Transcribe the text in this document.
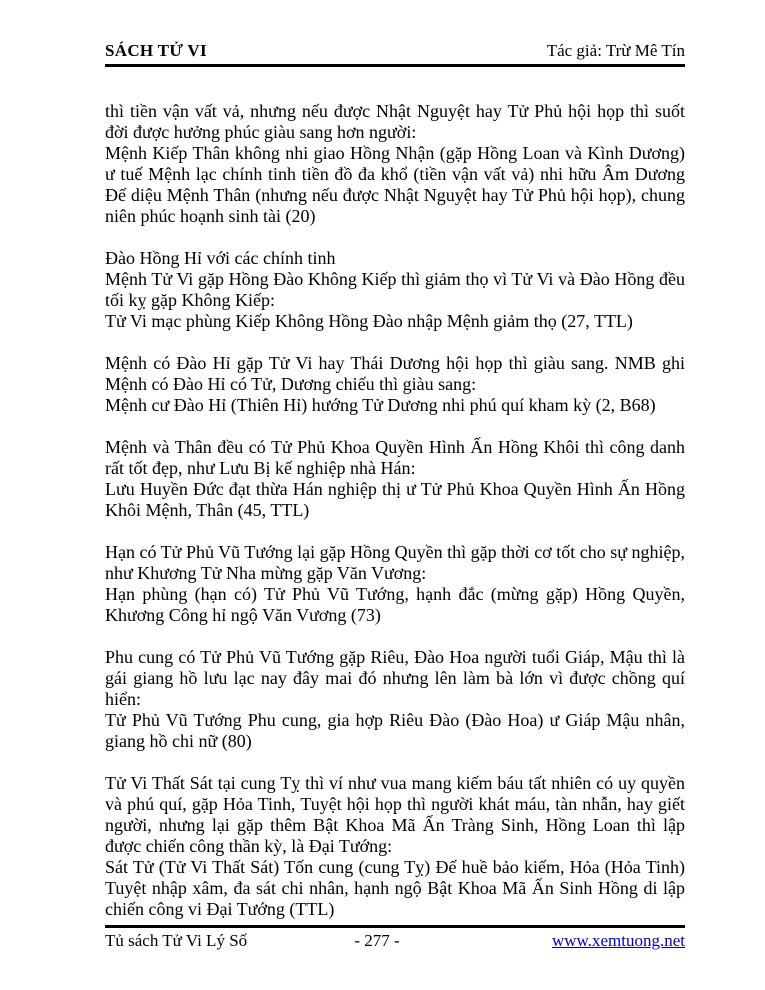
SÁCH TỬ VI	Tác giả: Trừ Mê Tín

thì tiền vận vất vả, nhưng nếu được Nhật Nguyệt hay Tử Phủ hội họp thì suốt đời được hưởng phúc giàu sang hơn người:

Mệnh Kiếp Thân không nhi giao Hồng Nhận (gặp Hồng Loan và Kình Dương) ư tuế Mệnh lạc chính tinh tiền đồ đa khổ (tiền vận vất vả) nhi hữu Âm Dương Đế diệu Mệnh Thân (nhưng nếu được Nhật Nguyệt hay Tử Phủ hội họp), chung niên phúc hoạnh sinh tài (20)

Đào Hồng Hỉ với các chính tinh

Mệnh Tử Vi gặp Hồng Đào Không Kiếp thì giảm thọ vì Tử Vi và Đào Hồng đều tối kỵ gặp Không Kiếp:

Tử Vi mạc phùng Kiếp Không Hồng Đào nhập Mệnh giảm thọ (27, TTL)

Mệnh có Đào Hỉ gặp Tử Vi hay Thái Dương hội họp thì giàu sang. NMB ghi Mệnh có Đào Hỉ có Tử, Dương chiếu thì giàu sang:

Mệnh cư Đào Hỉ (Thiên Hỉ) hướng Tử Dương nhi phú quí kham kỳ (2, B68)

Mệnh và Thân đều có Tử Phủ Khoa Quyền Hình Ấn Hồng Khôi thì công danh rất tốt đẹp, như Lưu Bị kế nghiệp nhà Hán:

Lưu Huyền Đức đạt thừa Hán nghiệp thị ư Tử Phủ Khoa Quyền Hình Ấn Hồng Khôi Mệnh, Thân (45, TTL)

Hạn có Tử Phủ Vũ Tướng lại gặp Hồng Quyền thì gặp thời cơ tốt cho sự nghiệp, như Khương Tử Nha mừng gặp Văn Vương:

Hạn phùng (hạn có) Tử Phủ Vũ Tướng, hạnh đắc (mừng gặp) Hồng Quyền, Khương Công hỉ ngộ Văn Vương (73)

Phu cung có Tử Phủ Vũ Tướng gặp Riêu, Đào Hoa người tuổi Giáp, Mậu thì là gái giang hồ lưu lạc nay đây mai đó nhưng lên làm bà lớn vì được chồng quí hiển:

Tử Phủ Vũ Tướng Phu cung, gia hợp Riêu Đào (Đào Hoa) ư Giáp Mậu nhân, giang hồ chi nữ (80)

Tử Vi Thất Sát tại cung Tỵ thì ví như vua mang kiếm báu tất nhiên có uy quyền và phú quí, gặp Hỏa Tinh, Tuyệt hội họp thì người khát máu, tàn nhẫn, hay giết người, nhưng lại gặp thêm Bật Khoa Mã Ấn Tràng Sinh, Hồng Loan thì lập được chiến công thần kỳ, là Đại Tướng:

Sát Tử (Tử Vi Thất Sát) Tốn cung (cung Tỵ) Đế huề bảo kiếm, Hỏa (Hỏa Tinh) Tuyệt nhập xâm, đa sát chi nhân, hạnh ngộ Bật Khoa Mã Ấn Sinh Hồng di lập chiến công vi Đại Tướng (TTL)

Tủ sách Tử Vi Lý Số	- 277 -	www.xemtuong.net
